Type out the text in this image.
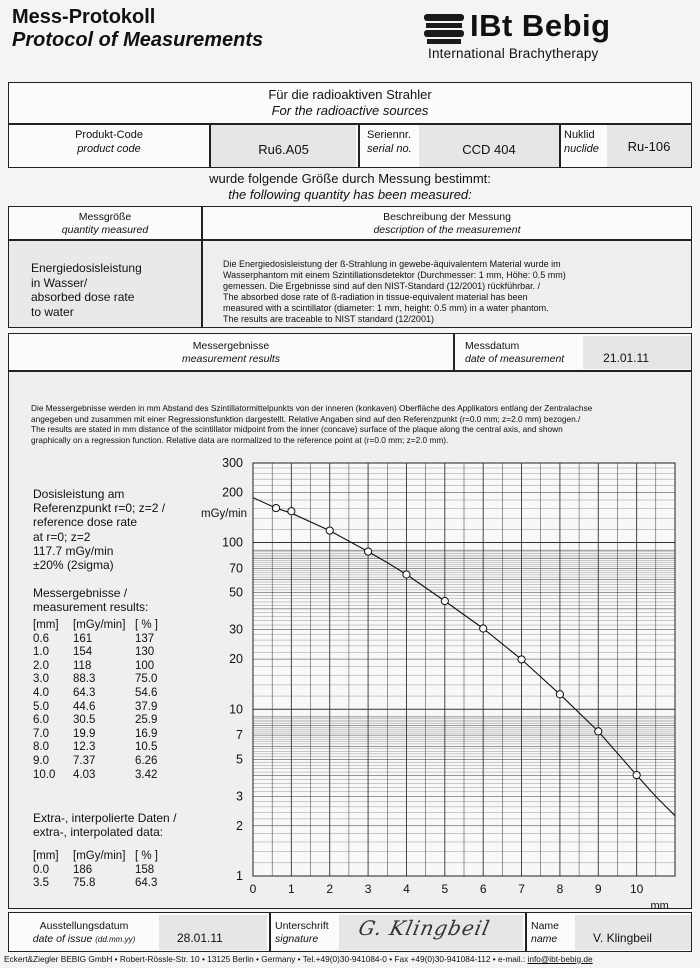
Mess-Protokoll
Protocol of Measurements	IBt Bebig
International Brachytherapy
Für die radioaktiven Strahler
For the radioactive sources
Produkt-Code
product code	Ru6.A05
Seriennr.
serial no.	CCD 404
Nuklid
nuclide	Ru-106
wurde folgende Größe durch Messung bestimmt:
the following quantity has been measured:
Messgröße
quantity measured
Beschreibung der Messung
description of the measurement
Energiedosisleistung
in Wasser/
absorbed dose rate
to water
Die Energiedosisleistung der ß-Strahlung in gewebe-äquivalentem Material wurde im
Wasserphantom mit einem Szintillationsdetektor (Durchmesser: 1 mm, Höhe: 0.5 mm)
gemessen. Die Ergebnisse sind auf den NIST-Standard (12/2001) rückführbar. /
The absorbed dose rate of ß-radiation in tissue-equivalent material has been
measured with a scintillator (diameter: 1 mm, height: 0.5 mm) in a water phantom.
The results are traceable to NIST standard (12/2001)
Messergebnisse
measurement results
Messdatum
date of measurement	21.01.11
Die Messergebnisse werden in mm Abstand des Szintillatormittelpunkts von der inneren (konkaven) Oberfläche des Applikators entlang der Zentralachse
angegeben und zusammen mit einer Regressionsfunktion dargestellt. Relative Angaben sind auf den Referenzpunkt (r=0.0 mm; z=2.0 mm) bezogen./
The results are stated in mm distance of the scintillator midpoint from the inner (concave) surface of the plaque along the central axis, and shown
graphically on a regression function. Relative data are normalized to the reference point at (r=0.0 mm; z=2.0 mm).
Dosisleistung am
Referenzpunkt r=0; z=2 /
reference dose rate
at r=0; z=2
117.7 mGy/min
±20% (2sigma)
Messergebnisse /
measurement results:
[mm]	[mGy/min] [ % ]
0.6	161	137
1.0	154	130
2.0	118	100
3.0	88.3	75.0
4.0	64.3	54.6
5.0	44.6	37.9
6.0	30.5	25.9
7.0	19.9	16.9
8.0	12.3	10.5
9.0	7.37	6.26
10.0	4.03	3.42
Extra-, interpolierte Daten /
extra-, interpolated data:
[mm]	[mGy/min] [ % ]
0.0	186	158
3.5	75.8	64.3	0	1	2	3	4	5	6	7	8	9 10
mm
300
200
100
70
50
30
20
10
7
5
3
2
1
mGy/min
Ausstellungsdatum
date of issue (dd.mm.yy)	28.01.11
Unterschrift
signature	G. Klingbeil	Name
name	V. Klingbeil
Eckert&Ziegler BEBIG GmbH • Robert-Rössle-Str. 10 • 13125 Berlin • Germany • Tel.+49(0)30-941084-0 • Fax +49(0)30-941084-112 • e-mail.: info@ibt-bebig.de
